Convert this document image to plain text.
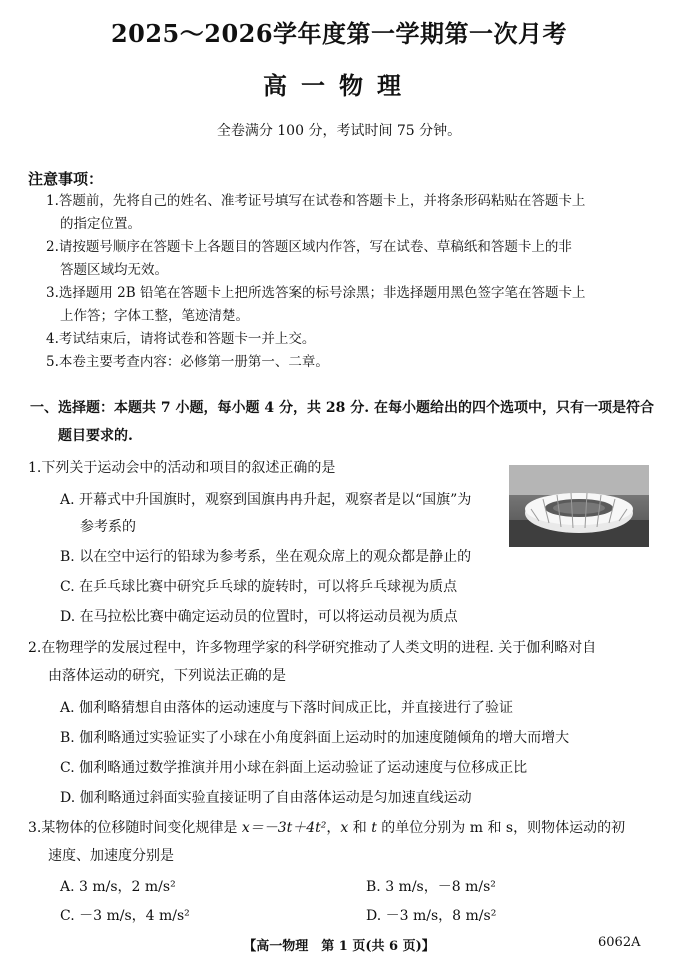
2025～2026学年度第一学期第一次月考
高一物理
全卷满分 100 分，考试时间 75 分钟。
注意事项：
1.答题前，先将自己的姓名、准考证号填写在试卷和答题卡上，并将条形码粘贴在答题卡上
的指定位置。
2.请按题号顺序在答题卡上各题目的答题区域内作答，写在试卷、草稿纸和答题卡上的非
答题区域均无效。
3.选择题用 2B 铅笔在答题卡上把所选答案的标号涂黑；非选择题用黑色签字笔在答题卡上
上作答；字体工整，笔迹清楚。
4.考试结束后，请将试卷和答题卡一并上交。
5.本卷主要考查内容：必修第一册第一、二章。
一、选择题：本题共 7 小题，每小题 4 分，共 28 分. 在每小题给出的四个选项中，只有一项是符合
题目要求的.
1.下列关于运动会中的活动和项目的叙述正确的是
A. 开幕式中升国旗时，观察到国旗冉冉升起，观察者是以“国旗”为
参考系的
B. 以在空中运行的铅球为参考系，坐在观众席上的观众都是静止的
C. 在乒乓球比赛中研究乒乓球的旋转时，可以将乒乓球视为质点
D. 在马拉松比赛中确定运动员的位置时，可以将运动员视为质点
2.在物理学的发展过程中，许多物理学家的科学研究推动了人类文明的进程. 关于伽利略对自
由落体运动的研究，下列说法正确的是
A. 伽利略猜想自由落体的运动速度与下落时间成正比，并直接进行了验证
B. 伽利略通过实验证实了小球在小角度斜面上运动时的加速度随倾角的增大而增大
C. 伽利略通过数学推演并用小球在斜面上运动验证了运动速度与位移成正比
D. 伽利略通过斜面实验直接证明了自由落体运动是匀加速直线运动
3.某物体的位移随时间变化规律是 x＝－3t＋4t²，x 和 t 的单位分别为 m 和 s，则物体运动的初
速度、加速度分别是
A. 3 m/s，2 m/s²	B. 3 m/s，－8 m/s²
C. －3 m/s，4 m/s²	D. －3 m/s，8 m/s²
【高一物理　第 1 页(共 6 页)】	6062A
